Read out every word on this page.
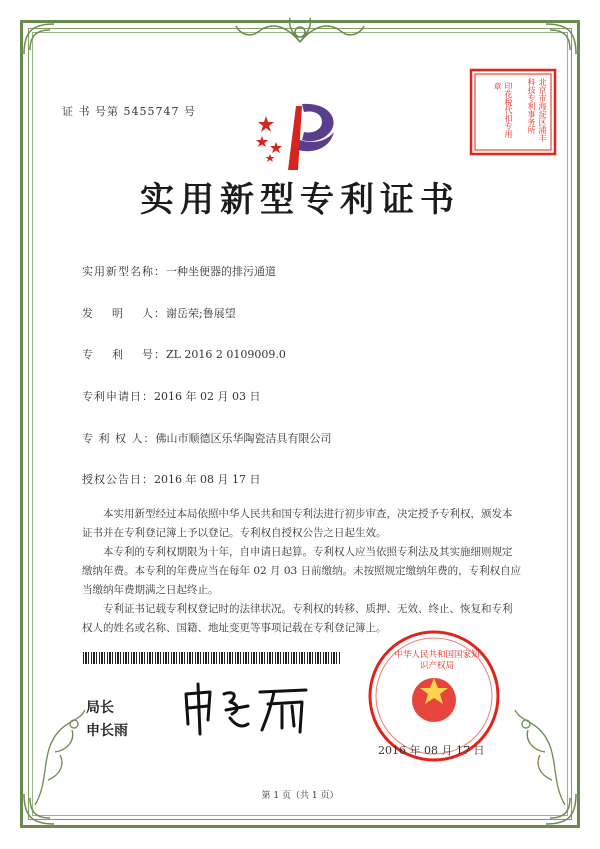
证 书 号第 5455747 号	北京市海淀区浦丰科技专利事务所
印花税代扣专用章
实用新型专利证书
实用新型名称：一种坐便器的排污通道
发    明    人：谢岳荣;鲁展望
专    利    号：ZL 2016 2 0109009.0
专利申请日：2016 年 02 月 03 日
专 利 权 人：佛山市顺德区乐华陶瓷洁具有限公司
授权公告日：2016 年 08 月 17 日

本实用新型经过本局依照中华人民共和国专利法进行初步审查，决定授予专利权，颁发本证书并在专利登记簿上予以登记。专利权自授权公告之日起生效。

本专利的专利权期限为十年，自申请日起算。专利权人应当依照专利法及其实施细则规定缴纳年费。本专利的年费应当在每年 02 月 03 日前缴纳。未按照规定缴纳年费的，专利权自应当缴纳年费期满之日起终止。

专利证书记载专利权登记时的法律状况。专利权的转移、质押、无效、终止、恢复和专利权人的姓名或名称、国籍、地址变更等事项记载在专利登记簿上。

局长
申长雨
中华人民共和国国家知识产权局
2016 年 08 月 17 日
第 1 页（共 1 页）
